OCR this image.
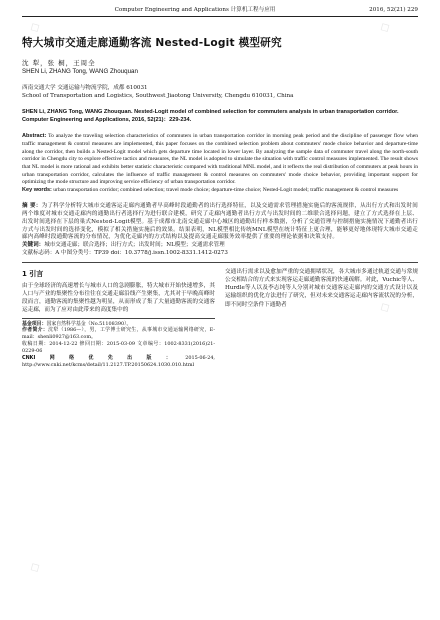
Computer Engineering and Applications 计算机工程与应用	2016, 52(21) 229
特大城市交通走廊通勤客流 Nested-Logit 模型研究
沈 犁，张 桐，王周全
SHEN Li, ZHANG Tong, WANG Zhouquan
西南交通大学 交通运输与物流学院，成都 610031
School of Transportation and Logistics, Southwest Jiaotong University, Chengdu 610031, China
SHEN Li, ZHANG Tong, WANG Zhouquan. Nested-Logit model of combined selection for commuters analysis in urban transportation corridor. Computer Engineering and Applications, 2016, 52(21)：229-234.
Abstract: To analyze the traveling selection characteristics of commuters in urban transportation corridor in morning peak period and the discipline of passenger flow when traffic management & control measures are implemented, this paper focuses on the combined selection problem about commuters' mode choice behavior and departure-time along the corridor, then builds a Nested-Logit model which gets departure time located in lower layer. By analyzing the sample data of commuter travel along the north-south corridor in Chengdu city to explore effective tactics and measures, the NL model is adopted to simulate the situation with traffic control measures implemented. The result shows that NL model is more rational and exhibits better statistic characteristic compared with traditional MNL model, and it reflects the real distribution of commuters at peak hours in urban transportation corridor, calculates the influence of traffic management & control measures on commuters' mode choice behavior, providing important support for optimizing the mode structure and improving service efficiency of urban transportation corridor.
Key words: urban transportation corridor; combined selection; travel mode choice; departure-time choice; Nested-Logit model; traffic management & control measures
摘 要：为了科学分析特大城市交通客运走廊内通勤者早高峰时段通勤者的出行选择特征，以及交通需求管理措施实施后的客流规律，从出行方式和出发时间两个维度对城市交通走廊内的通勤出行者选择行为进行联合建模，研究了走廊内通勤者出行方式与出发时间的二维联合选择问题，建立了方式选择在上层、出发时间选择在下层的巢式Nested-Logit模型。基于成都市北南交通走廊中心城区的通勤出行样本数据，分析了交通管理与控制措施实施情况下通勤者出行方式与出发时间的选择变化，模拟了相关措施实施后的效果。结果表明，NL模型相比传统MNL模型在统计特征上更合理，能够更好地体现特大城市交通走廊内高峰时段通勤客流的分布情况，为优化走廊内的方式结构以及提高交通走廊服务效率提供了重要的理论依据和决策支持。
关键词：城市交通走廊；联合选择；出行方式；出发时间；NL模型；交通需求管理
文献标志码：A 中图分类号：TP39 doi：10.3778/j.issn.1002-8331.1412-0273
1 引言
由于全球经济的高速增长与城市人口的急剧膨胀，特大城市开始快速增多，其人口与产业的集聚性分布往往在交通走廊沿线产生聚集，尤其对于早晚高峰时段而言，通勤客流的集聚性越为明显，从而形成了集了大量通勤客流的交通客运走廊，而为了应对由此带来的高度集中的
基金项目：国家自然科学基金（No.51108390）。
作者简介：沈犁（1986—），男，工学博士研究生，从事城市交通运输网络研究，E-mail：shenli0927@163.com。
收稿日期：2014-12-22 修回日期：2015-03-09 文章编号：1002-8331(2016)21-0229-06
CNKI网络优先出版：2015-06-24, http://www.cnki.net/kcms/detail/11.2127.TP.20150624.1030.010.html
交通出行需求以及愈加严重的交通拥堵状况，各大城市多通过轨道交通与常规公交相结合的方式来实现客运走廊通勤客流的快速疏解。对此，Vuchic等人、Hurdle等人以及李志纯等人分别对城市交通客运走廊内的交通方式设计以及运输组织的优化方法进行了研究，但对未来交通客运走廊内客流状况的分析，即不同时空条件下通勤者
◇	◇
◇
◇
